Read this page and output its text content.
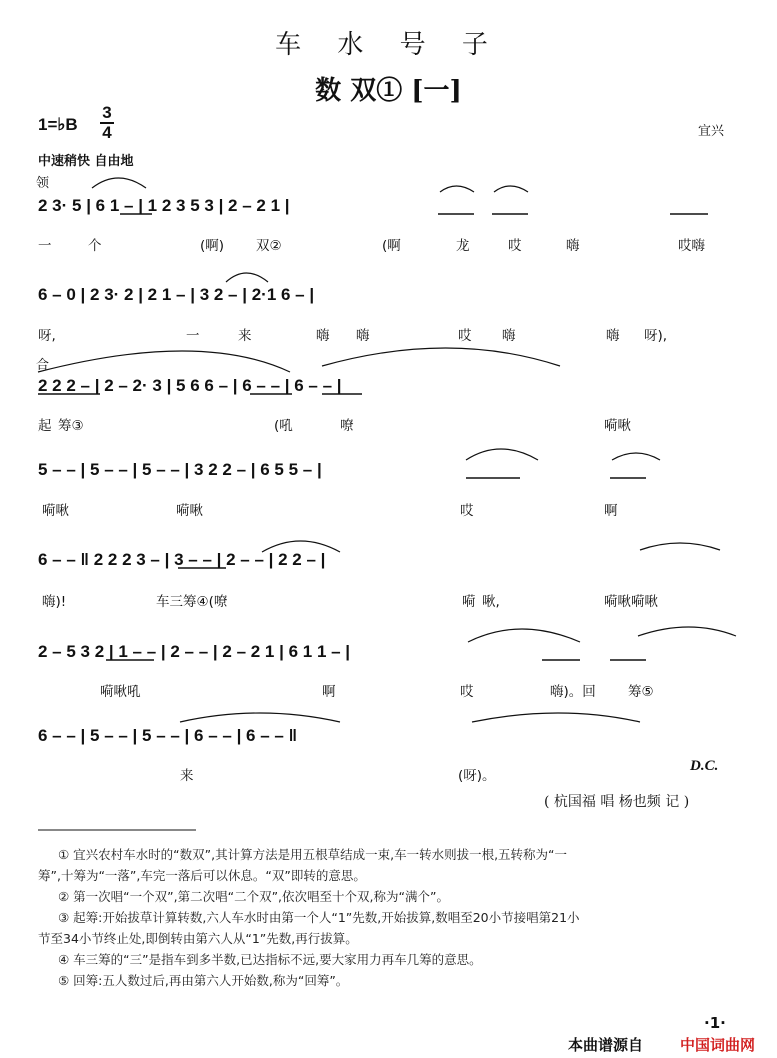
车 水 号 子
数 双① [一]
1=♭B
3
4	宜兴
中速稍快 自由地
领
合
2 3· 5 | 6 1 – | 1 2 3 5 3 | 2 – 2 1 |
一	个	(啊) 双②	(啊	龙	哎	嗨	哎嗨
6 – 0 | 2 3· 2 | 2 1 – | 3 2 – | 2·1 6 – |
呀,	一	来	嗨 嗨	哎 嗨	嗨 呀),
2 2 2 – | 2 – 2· 3 | 5 6 6 – | 6 – – | 6 – – |
起 筹③	(吼	嘹	嗬啾
5 – – | 5 – – | 5 – – | 3 2 2 – | 6 5 5 – |
嗬啾	嗬啾	哎	啊
6 – – ‖ 2 2 2 3 – | 3 – – | 2 – – | 2 2 – |
嗨)!	车三筹④(嘹	嗬 啾,	嗬啾嗬啾
2 – 5 3 2 | 1 – – | 2 – – | 2 – 2 1 | 6 1 1 – |
嗬啾吼	啊	哎	嗨)。回 筹⑤
6 – – | 5 – – | 5 – – | 6 – – | 6 – – ‖
来	(呀)。
D.C.
( 杭国福 唱 杨也频 记 )
① 宜兴农村车水时的“数双”,其计算方法是用五根草结成一束,车一转水则拔一根,五转称为“一
筹”,十筹为“一落”,车完一落后可以休息。“双”即转的意思。
② 第一次唱“一个双”,第二次唱“二个双”,依次唱至十个双,称为“满个”。
③ 起筹:开始拔草计算转数,六人车水时由第一个人“1”先数,开始拔算,数唱至20小节接唱第21小
节至34小节终止处,即倒转由第六人从“1”先数,再行拔算。
④ 车三筹的“三”是指车到多半数,已达指标不远,要大家用力再车几筹的意思。
⑤ 回筹:五人数过后,再由第六人开始数,称为“回筹”。
·1·
本曲谱源自 中国词曲网
